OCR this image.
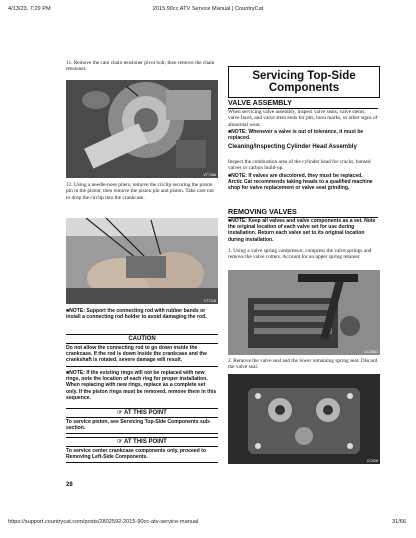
4/13/23, 7:29 PM	2015 90cc ATV Service Manual | CountryCat
11. Remove the cam chain tensioner pivot bolt; then remove the chain tensioner.
VT7166
12. Using a needle-nose pliers, remove the circlip securing the piston pin in the piston; then remove the piston pin and piston. Take care not to drop the circlip into the crankcase.
VT7118
■NOTE: Support the connecting rod with rubber bands or install a connecting rod holder to avoid damaging the rod.
CAUTION
Do not allow the connecting rod to go down inside the crankcase. If the rod is down inside the crankcase and the crankshaft is rotated, severe damage will result.
■NOTE: If the existing rings will not be replaced with new rings, note the location of each ring for proper installation. When replacing with new rings, replace as a complete set only. If the piston rings must be removed, remove them in this sequence.
☞ AT THIS POINT
To service piston, see Servicing Top-Side Components sub-section.
☞ AT THIS POINT
To service center crankcase components only, proceed to Removing Left-Side Components.
28
Servicing Top-Side Components
VALVE ASSEMBLY
When servicing valve assembly, inspect valve seats, valve stems, valve faces, and valve stem ends for pits, burn marks, or other signs of abnormal wear.
■NOTE: Whenever a valve is out of tolerance, it must be replaced.
Cleaning/Inspecting Cylinder Head Assembly
Inspect the combustion area of the cylinder head for cracks, burned valves or carbon build-up.
■NOTE: If valves are discolored, they must be replaced. Arctic Cat recommends taking heads to a qualified machine shop for valve replacement or valve seat grinding.
REMOVING VALVES
■NOTE: Keep all valves and valve components as a set. Note the original location of each valve set for use during installation. Return each valve set to its original location during installation.
1. Using a valve spring compressor, compress the valve springs and remove the valve cotters. Account for an upper spring retainer.
CC281D
2. Remove the valve seal and the lower remaining spring seat. Discard the valve seal.
CC928
https://support.countrycat.com/posts/2802592-2015-90cc-atv-service-manual	31/66
